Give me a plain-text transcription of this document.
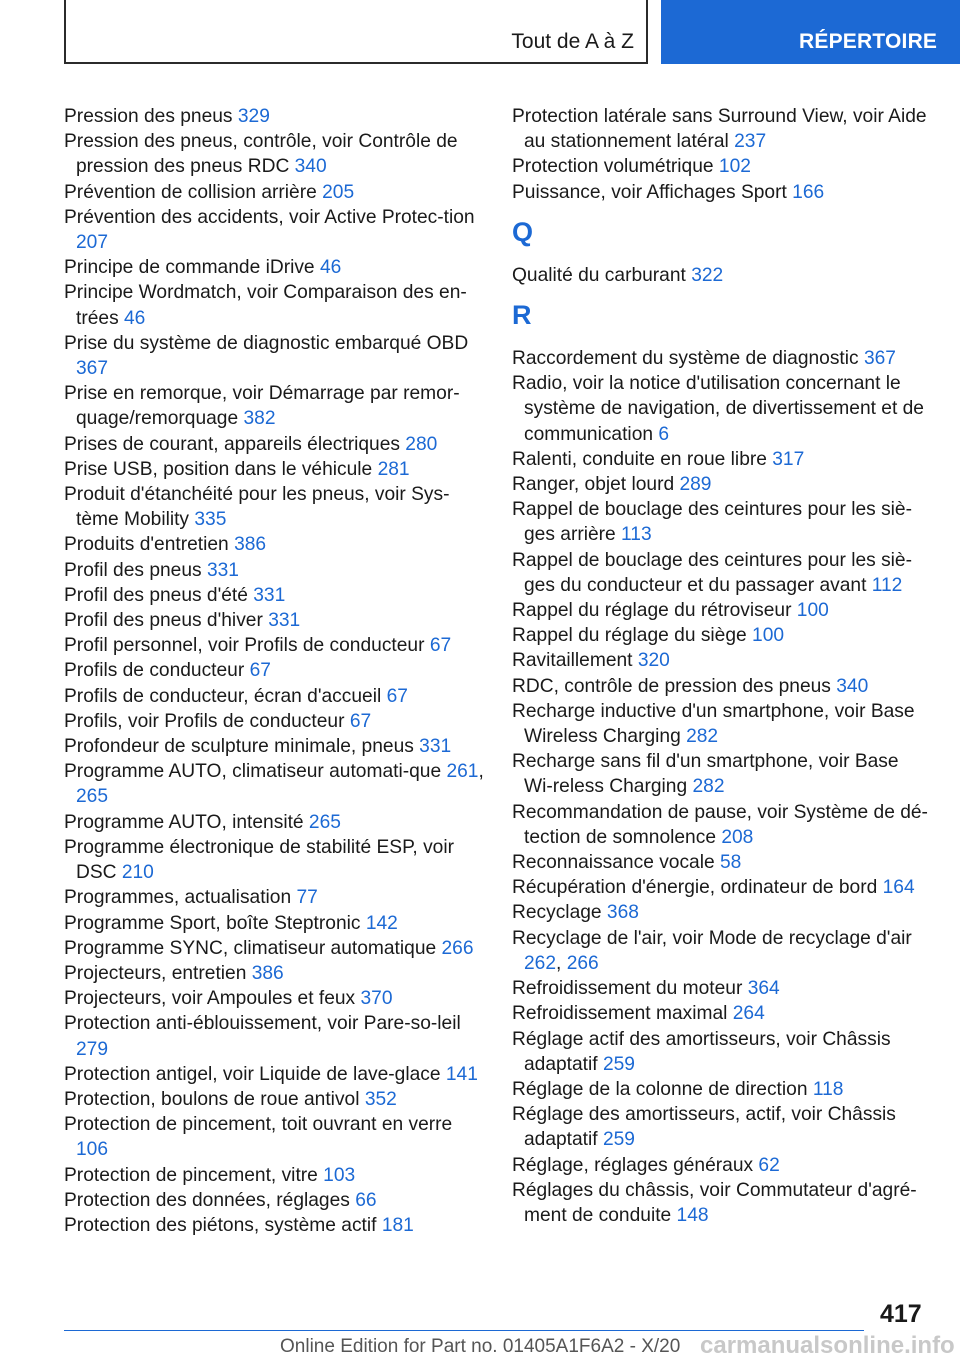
Tout de A à Z	RÉPERTOIRE
Pression des pneus 329
Pression des pneus, contrôle, voir Contrôle de pression des pneus RDC 340
Prévention de collision arrière 205
Prévention des accidents, voir Active Protec-tion 207
Principe de commande iDrive 46
Principe Wordmatch, voir Comparaison des en-trées 46
Prise du système de diagnostic embarqué OBD 367
Prise en remorque, voir Démarrage par remor-quage/remorquage 382
Prises de courant, appareils électriques 280
Prise USB, position dans le véhicule 281
Produit d'étanchéité pour les pneus, voir Sys-tème Mobility 335
Produits d'entretien 386
Profil des pneus 331
Profil des pneus d'été 331
Profil des pneus d'hiver 331
Profil personnel, voir Profils de conducteur 67
Profils de conducteur 67
Profils de conducteur, écran d'accueil 67
Profils, voir Profils de conducteur 67
Profondeur de sculpture minimale, pneus 331
Programme AUTO, climatiseur automati-que 261, 265
Programme AUTO, intensité 265
Programme électronique de stabilité ESP, voir DSC 210
Programmes, actualisation 77
Programme Sport, boîte Steptronic 142
Programme SYNC, climatiseur automatique 266
Projecteurs, entretien 386
Projecteurs, voir Ampoules et feux 370
Protection anti-éblouissement, voir Pare-so-leil 279
Protection antigel, voir Liquide de lave-glace 141
Protection, boulons de roue antivol 352
Protection de pincement, toit ouvrant en verre 106
Protection de pincement, vitre 103
Protection des données, réglages 66
Protection des piétons, système actif 181
Protection latérale sans Surround View, voir Aide au stationnement latéral 237
Protection volumétrique 102
Puissance, voir Affichages Sport 166
Q
Qualité du carburant 322
R
Raccordement du système de diagnostic 367
Radio, voir la notice d'utilisation concernant le système de navigation, de divertissement et de communication 6
Ralenti, conduite en roue libre 317
Ranger, objet lourd 289
Rappel de bouclage des ceintures pour les siè-ges arrière 113
Rappel de bouclage des ceintures pour les siè-ges du conducteur et du passager avant 112
Rappel du réglage du rétroviseur 100
Rappel du réglage du siège 100
Ravitaillement 320
RDC, contrôle de pression des pneus 340
Recharge inductive d'un smartphone, voir Base Wireless Charging 282
Recharge sans fil d'un smartphone, voir Base Wi-reless Charging 282
Recommandation de pause, voir Système de dé-tection de somnolence 208
Reconnaissance vocale 58
Récupération d'énergie, ordinateur de bord 164
Recyclage 368
Recyclage de l'air, voir Mode de recyclage d'air 262, 266
Refroidissement du moteur 364
Refroidissement maximal 264
Réglage actif des amortisseurs, voir Châssis adaptatif 259
Réglage de la colonne de direction 118
Réglage des amortisseurs, actif, voir Châssis adaptatif 259
Réglage, réglages généraux 62
Réglages du châssis, voir Commutateur d'agré-ment de conduite 148
417
Online Edition for Part no. 01405A1F6A2 - X/20 carmanualsonline.info
